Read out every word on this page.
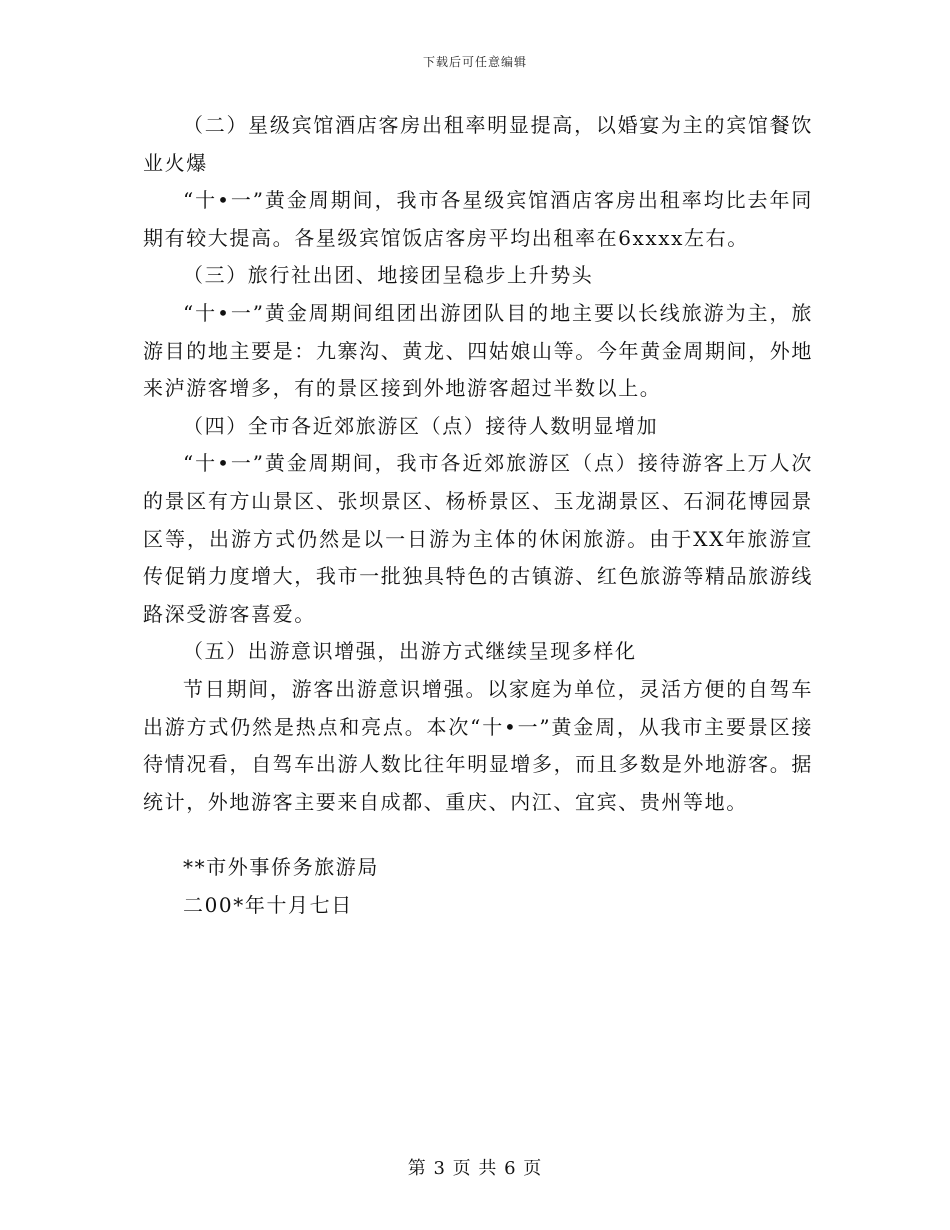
下载后可任意编辑

（二）星级宾馆酒店客房出租率明显提高，以婚宴为主的宾馆餐饮业火爆

“十•一”黄金周期间，我市各星级宾馆酒店客房出租率均比去年同期有较大提高。各星级宾馆饭店客房平均出租率在6xxxx左右。

（三）旅行社出团、地接团呈稳步上升势头

“十•一”黄金周期间组团出游团队目的地主要以长线旅游为主，旅游目的地主要是：九寨沟、黄龙、四姑娘山等。今年黄金周期间，外地来泸游客增多，有的景区接到外地游客超过半数以上。

（四）全市各近郊旅游区（点）接待人数明显增加

“十•一”黄金周期间，我市各近郊旅游区（点）接待游客上万人次的景区有方山景区、张坝景区、杨桥景区、玉龙湖景区、石洞花博园景区等，出游方式仍然是以一日游为主体的休闲旅游。由于XX年旅游宣传促销力度增大，我市一批独具特色的古镇游、红色旅游等精品旅游线路深受游客喜爱。

（五）出游意识增强，出游方式继续呈现多样化

节日期间，游客出游意识增强。以家庭为单位，灵活方便的自驾车出游方式仍然是热点和亮点。本次“十•一”黄金周，从我市主要景区接待情况看，自驾车出游人数比往年明显增多，而且多数是外地游客。据统计，外地游客主要来自成都、重庆、内江、宜宾、贵州等地。

**市外事侨务旅游局

二00*年十月七日

第 3 页 共 6 页
